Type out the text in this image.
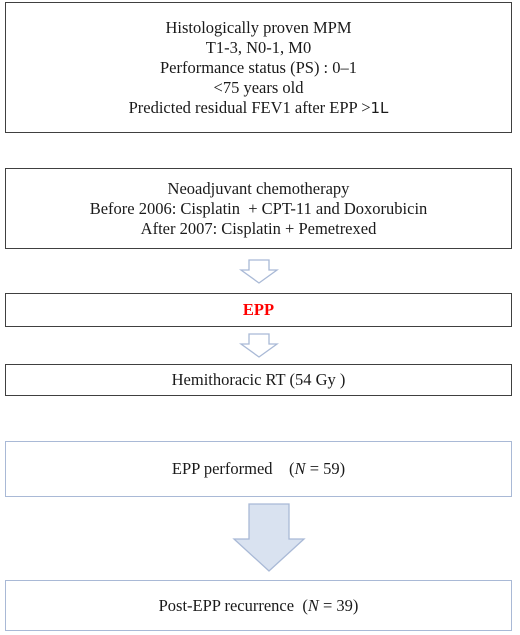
Histologically proven MPM
T1-3, N0-1, M0
Performance status (PS) : 0–1
<75 years old
Predicted residual FEV1 after EPP >1L
Neoadjuvant chemotherapy
Before 2006: Cisplatin  + CPT-11 and Doxorubicin
After 2007: Cisplatin + Pemetrexed
EPP
Hemithoracic RT (54 Gy )
EPP performed (N = 59)
Post-EPP recurrence (N = 39)
